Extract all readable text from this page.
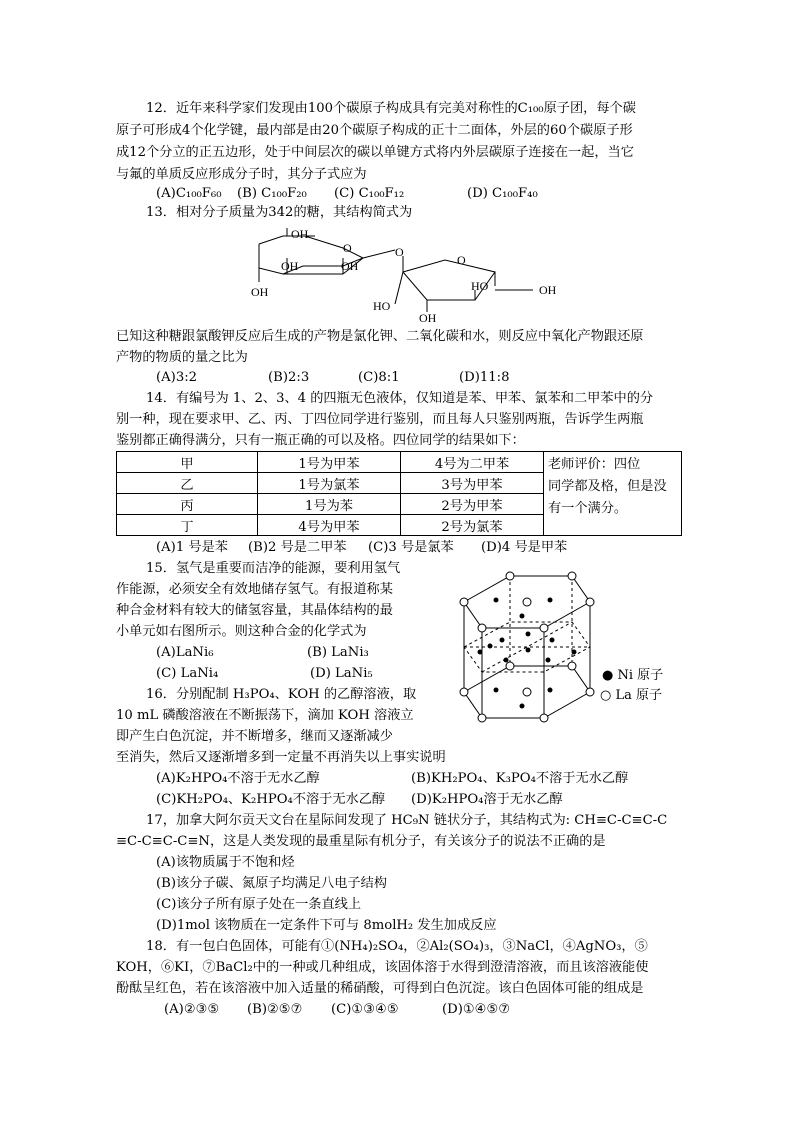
12．近年来科学家们发现由100个碳原子构成具有完美对称性的C₁₀₀原子团，每个碳
原子可形成4个化学键，最内部是由20个碳原子构成的正十二面体，外层的60个碳原子形
成12个分立的正五边形，处于中间层次的碳以单键方式将内外层碳原子连接在一起，当它
与氟的单质反应形成分子时，其分子式应为
(A)C₁₀₀F₆₀ (B) C₁₀₀F₂₀ (C) C₁₀₀F₁₂	(D) C₁₀₀F₄₀
13．相对分子质量为342的糖，其结构简式为
OH
O
OH	OH
OH
O
O
HO
OH
HO	OH
已知这种糖跟氯酸钾反应后生成的产物是氯化钾、二氧化碳和水，则反应中氧化产物跟还原
产物的物质的量之比为
(A)3:2	(B)2:3	(C)8:1	(D)11:8
14．有编号为 1、2、3、4 的四瓶无色液体，仅知道是苯、甲苯、氯苯和二甲苯中的分
别一种，现在要求甲、乙、丙、丁四位同学进行鉴别，而且每人只鉴别两瓶，告诉学生两瓶
鉴别都正确得满分，只有一瓶正确的可以及格。四位同学的结果如下：
甲	1号为甲苯	4号为二甲苯	老师评价：四位
同学都及格，但是没
有一个满分。
乙	1号为氯苯	3号为甲苯	
丙	1号为苯	2号为甲苯	
丁	4号为甲苯	2号为氯苯	
(A)1 号是苯 (B)2 号是二甲苯 (C)3 号是氯苯 (D)4 号是甲苯
15．氢气是重要而洁净的能源，要利用氢气
作能源，必须安全有效地储存氢气。有报道称某
种合金材料有较大的储氢容量，其晶体结构的最
小单元如右图所示。则这种合金的化学式为
(A)LaNi₆	(B) LaNi₃
(C) LaNi₄	(D) LaNi₅	● Ni 原子
○ La 原子
16．分别配制 H₃PO₄、KOH 的乙醇溶液，取
10 mL 磷酸溶液在不断振荡下，滴加 KOH 溶液立
即产生白色沉淀，并不断增多，继而又逐渐减少
至消失，然后又逐渐增多到一定量不再消失以上事实说明
(A)K₂HPO₄不溶于无水乙醇	(B)KH₂PO₄、K₃PO₄不溶于无水乙醇
(C)KH₂PO₄、K₂HPO₄不溶于无水乙醇 (D)K₂HPO₄溶于无水乙醇
17，加拿大阿尔贡天文台在星际间发现了 HC₉N 链状分子，其结构式为: CH≡C-C≡C-C
≡C-C≡C-C≡N，这是人类发现的最重星际有机分子，有关该分子的说法不正确的是
(A)该物质属于不饱和烃
(B)该分子碳、氮原子均满足八电子结构
(C)该分子所有原子处在一条直线上
(D)1mol 该物质在一定条件下可与 8molH₂ 发生加成反应
18．有一包白色固体，可能有①(NH₄)₂SO₄，②Al₂(SO₄)₃，③NaCl，④AgNO₃，⑤
KOH，⑥KI，⑦BaCl₂中的一种或几种组成，该固体溶于水得到澄清溶液，而且该溶液能使
酚酞呈红色，若在该溶液中加入适量的稀硝酸，可得到白色沉淀。该白色固体可能的组成是
(A)②③⑤ (B)②⑤⑦ (C)①③④⑤	(D)①④⑤⑦
